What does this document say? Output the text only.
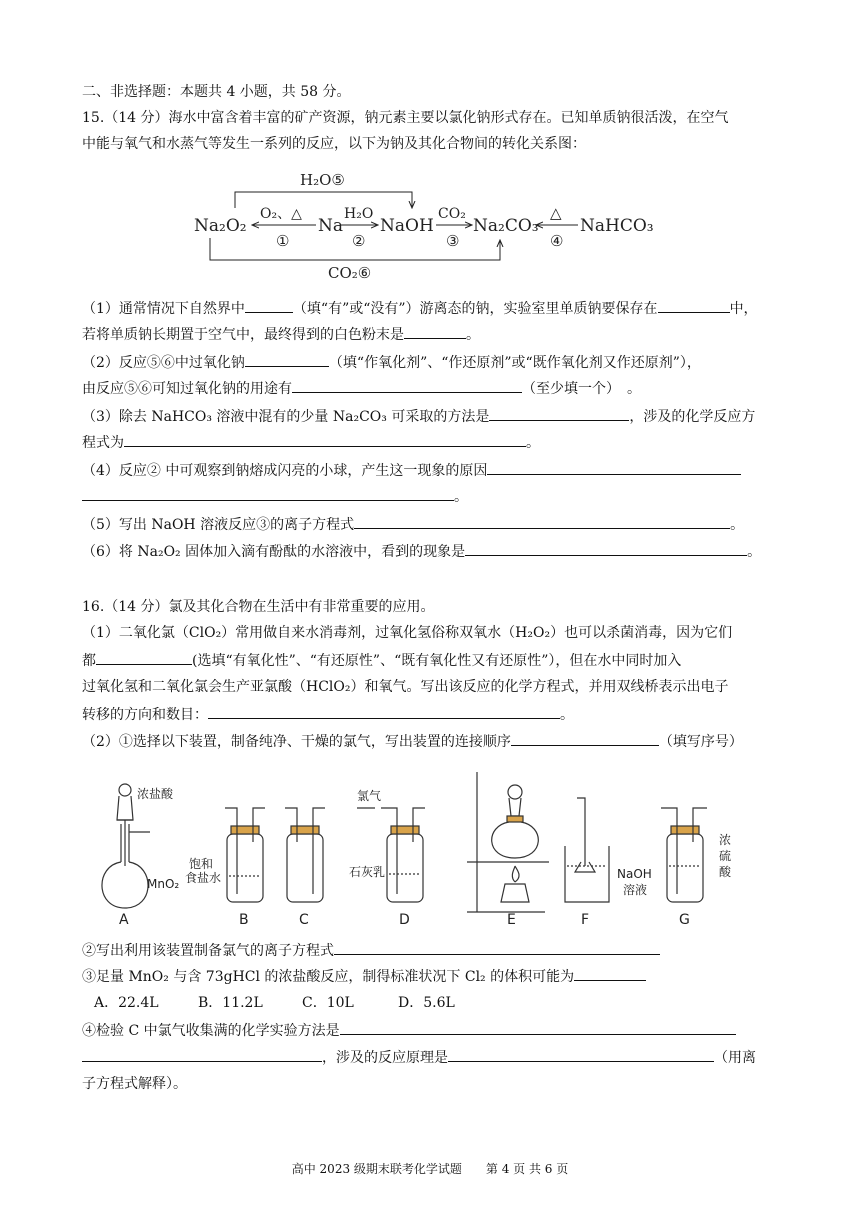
二、非选择题：本题共 4 小题，共 58 分。
15.（14 分）海水中富含着丰富的矿产资源，钠元素主要以氯化钠形式存在。已知单质钠很活泼，在空气
中能与氧气和水蒸气等发生一系列的反应，以下为钠及其化合物间的转化关系图：
H₂O⑤
CO₂⑥
Na₂O₂	Na NaOH Na₂CO₃ NaHCO₃
O₂、△
①
H₂O
②
CO₂
③
△
④
（1）通常情况下自然界中	（填“有”或“没有”）游离态的钠，实验室里单质钠要保存在	中，
若将单质钠长期置于空气中，最终得到的白色粉末是	。
（2）反应⑤⑥中过氧化钠	（填“作氧化剂”、“作还原剂”或“既作氧化剂又作还原剂”），
由反应⑤⑥可知过氧化钠的用途有	（至少填一个）　。
（3）除去 NaHCO₃ 溶液中混有的少量 Na₂CO₃ 可采取的方法是	，涉及的化学反应方
程式为	。
（4）反应② 中可观察到钠熔成闪亮的小球，产生这一现象的原因
。
（5）写出 NaOH 溶液反应③的离子方程式	。
（6）将 Na₂O₂ 固体加入滴有酚酞的水溶液中，看到的现象是	。
16.（14 分）氯及其化合物在生活中有非常重要的应用。
（1）二氧化氯（ClO₂）常用做自来水消毒剂，过氧化氢俗称双氧水（H₂O₂）也可以杀菌消毒，因为它们
都	(选填“有氧化性”、“有还原性”、“既有氧化性又有还原性”），但在水中同时加入
过氧化氢和二氧化氯会生产亚氯酸（HClO₂）和氧气。写出该反应的化学方程式，并用双线桥表示出电子
转移的方向和数目：	。
（2）①选择以下装置，制备纯净、干燥的氯气，写出装置的连接顺序	（填写序号）
浓盐酸
MnO₂
A
饱和
食盐水
B	C
氯气
石灰乳
D	E
NaOH
溶液
F
浓
硫
酸
G
②写出利用该装置制备氯气的离子方程式
③足量 MnO₂ 与含 73gHCl 的浓盐酸反应，制得标准状况下 Cl₂ 的体积可能为
A．22.4L	B．11.2L	C．10L	D．5.6L
④检验 C 中氯气收集满的化学实验方法是
，涉及的反应原理是	（用离
子方程式解释）。
高中 2023 级期末联考化学试题　　第 4 页 共 6 页
